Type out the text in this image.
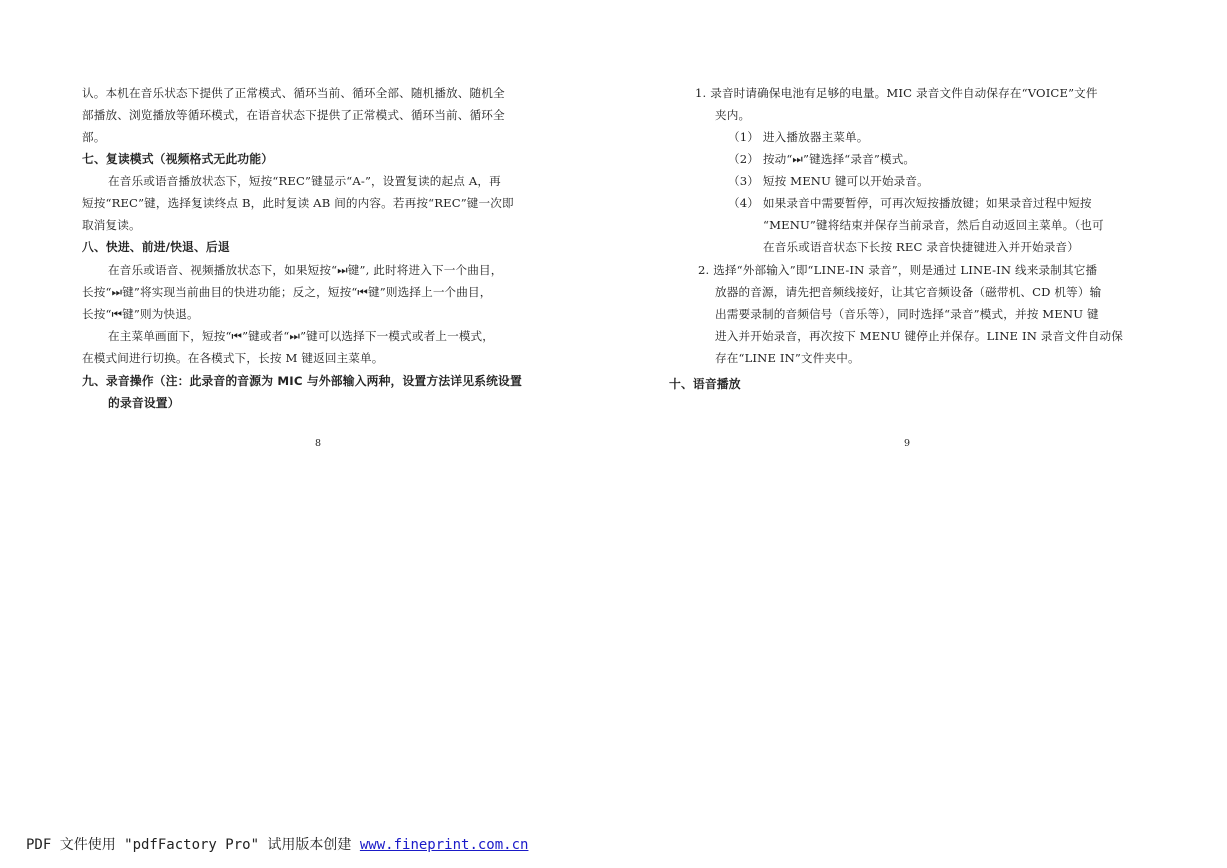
认。本机在音乐状态下提供了正常模式、循环当前、循环全部、随机播放、随机全
部播放、浏览播放等循环模式，在语音状态下提供了正常模式、循环当前、循环全
部。
七、复读模式（视频格式无此功能）
在音乐或语音播放状态下，短按“REC”键显示“A-”，设置复读的起点 A，再
短按“REC”键，选择复读终点 B，此时复读 AB 间的内容。若再按“REC”键一次即
取消复读。
八、快进、前进/快退、后退
在音乐或语音、视频播放状态下，如果短按“⏭键”, 此时将进入下一个曲目，
长按“⏭键”将实现当前曲目的快进功能；反之，短按“⏮键”则选择上一个曲目，
长按“⏮键”则为快退。
在主菜单画面下，短按“⏮”键或者“⏭”键可以选择下一模式或者上一模式，
在模式间进行切换。在各模式下，长按 M 键返回主菜单。
九、录音操作（注：此录音的音源为 MIC 与外部输入两种，设置方法详见系统设置
的录音设置）
8
1. 录音时请确保电池有足够的电量。MIC 录音文件自动保存在“VOICE”文件
夹内。
（1） 进入播放器主菜单。
（2） 按动“⏭”键选择“录音”模式。
（3） 短按 MENU 键可以开始录音。
（4） 如果录音中需要暂停，可再次短按播放键；如果录音过程中短按
“MENU”键将结束并保存当前录音，然后自动返回主菜单。（也可
在音乐或语音状态下长按 REC 录音快捷键进入并开始录音）
2. 选择“外部输入”即“LINE-IN 录音”，则是通过 LINE-IN 线来录制其它播
放器的音源，请先把音频线接好，让其它音频设备（磁带机、CD 机等）输
出需要录制的音频信号（音乐等），同时选择“录音”模式，并按 MENU 键
进入并开始录音，再次按下 MENU 键停止并保存。LINE IN 录音文件自动保
存在“LINE IN”文件夹中。
十、语音播放
9
PDF 文件使用 "pdfFactory Pro" 试用版本创建 www.fineprint.com.cn
